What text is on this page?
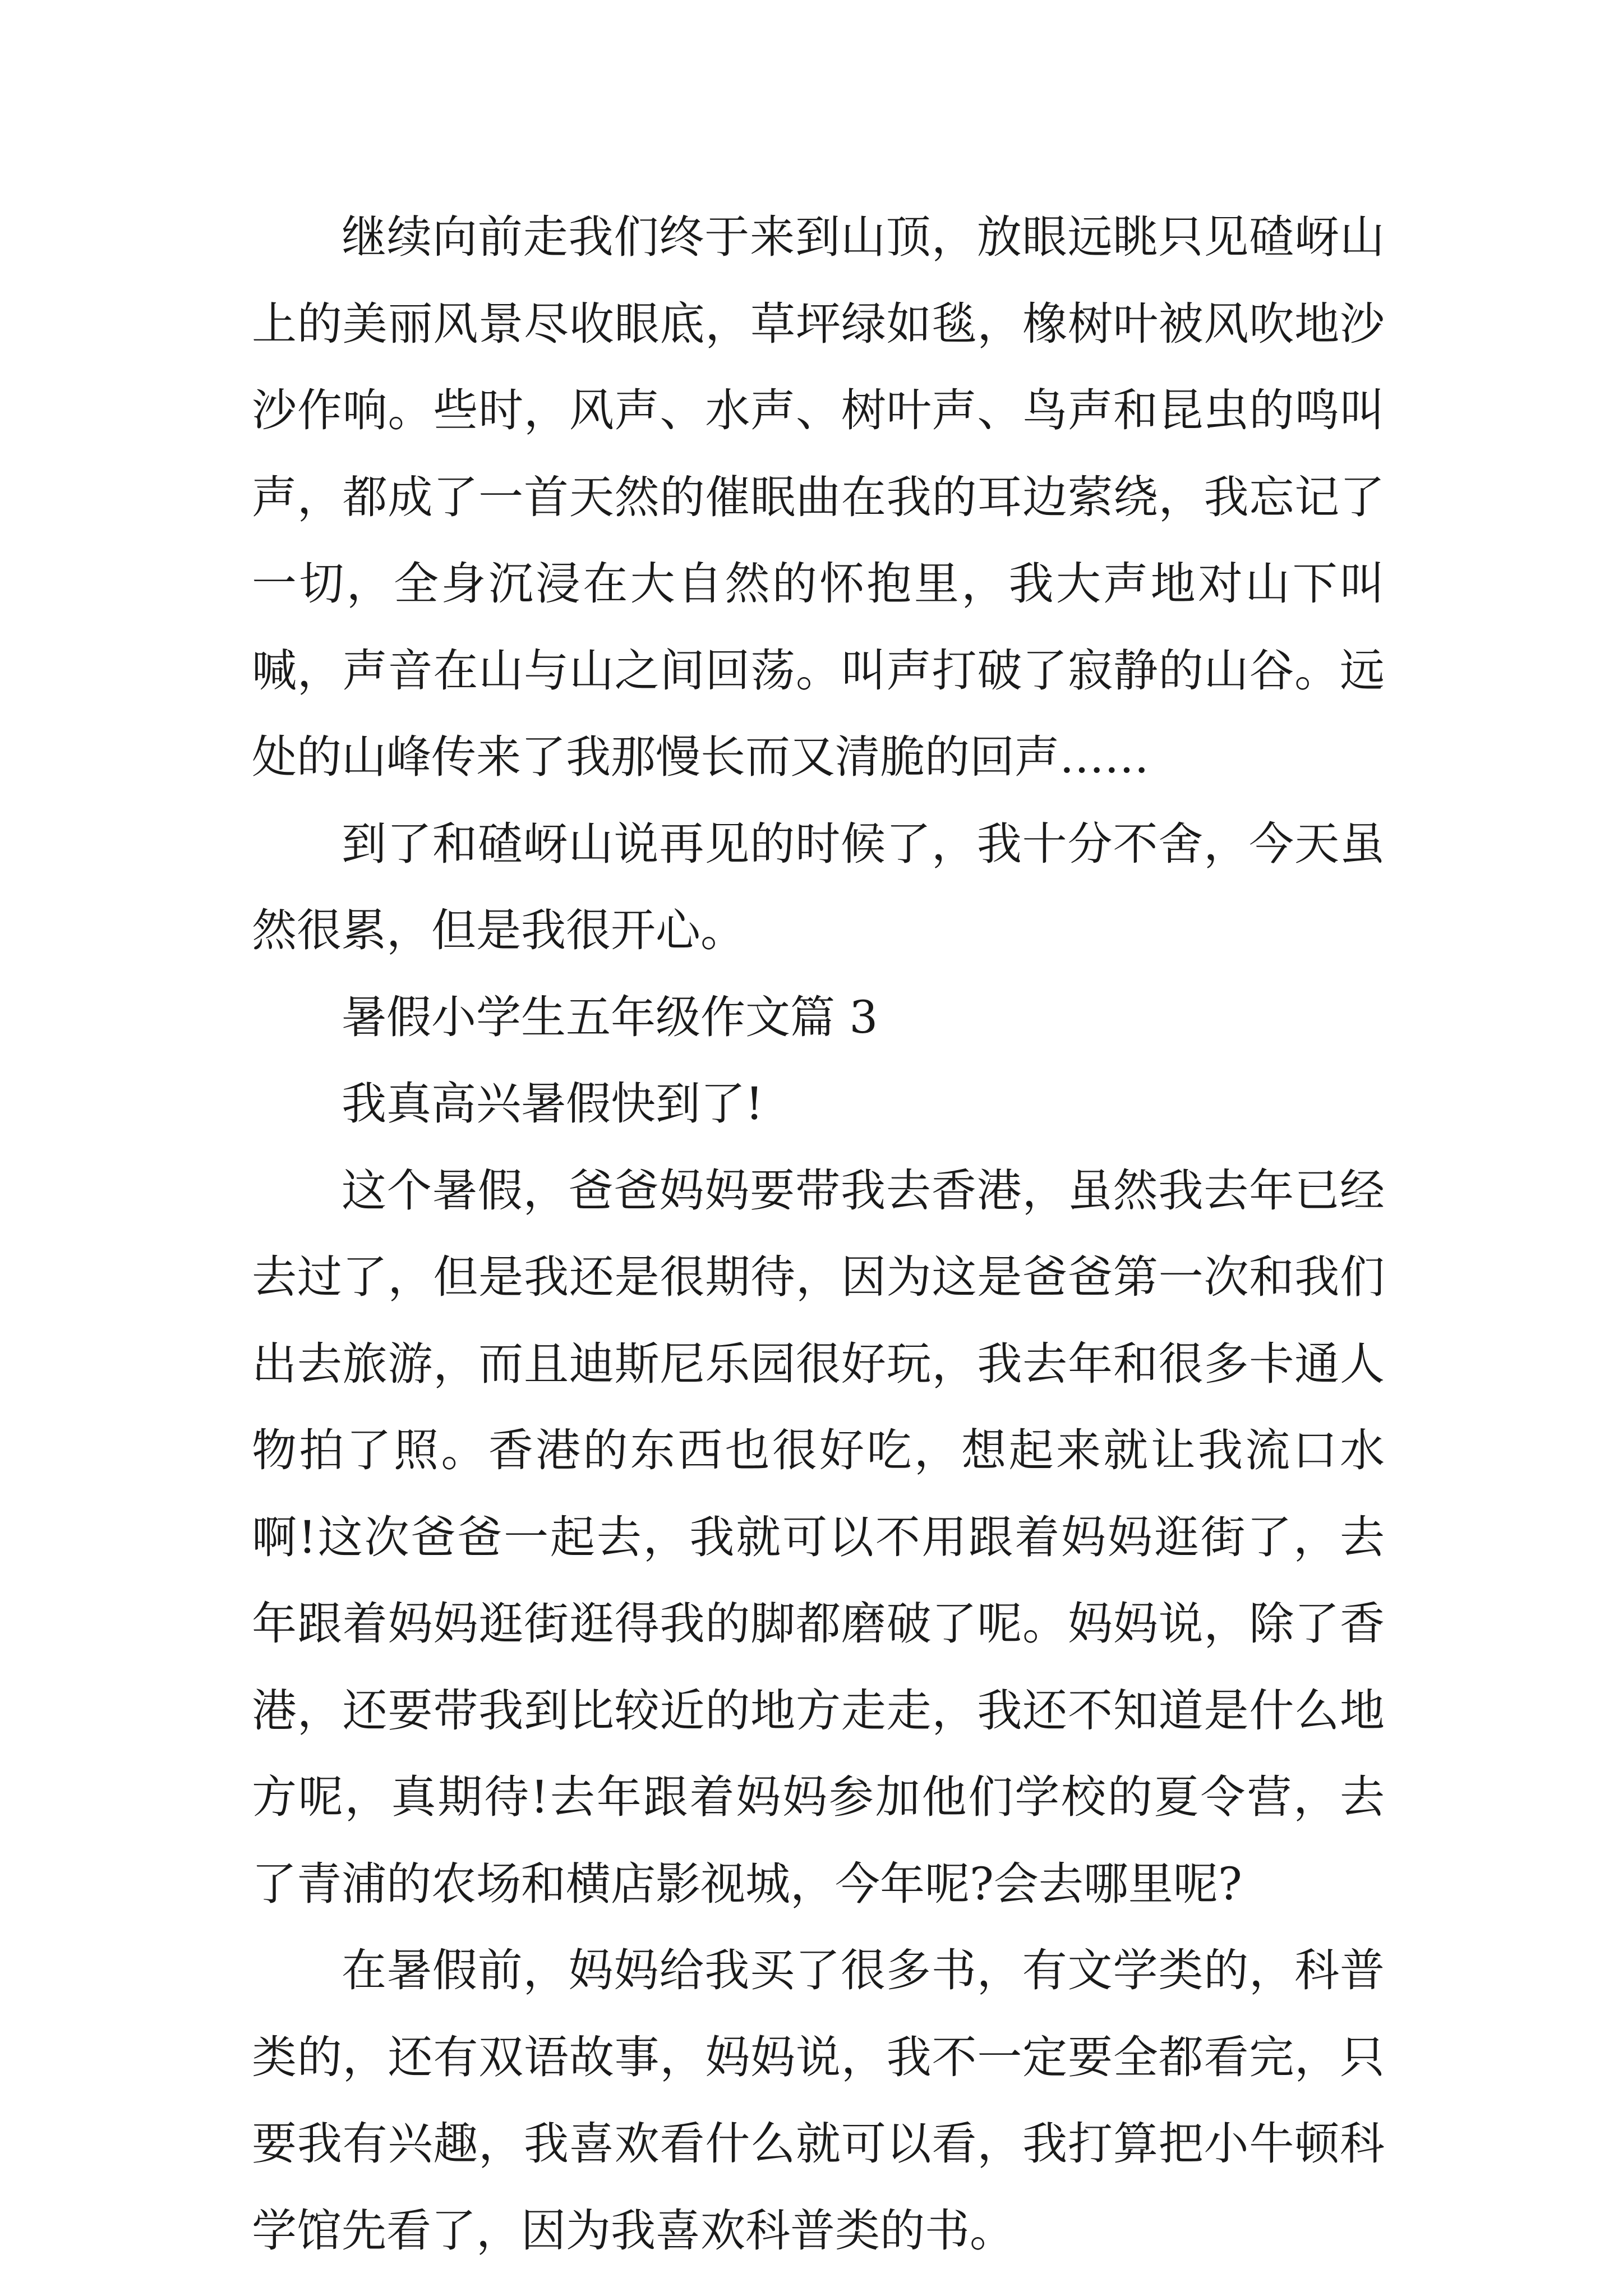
继续向前走我们终于来到山顶，放眼远眺只见碴岈山上的美丽风景尽收眼底，草坪绿如毯，橡树叶被风吹地沙沙作响。些时，风声、水声、树叶声、鸟声和昆虫的鸣叫声，都成了一首天然的催眠曲在我的耳边萦绕，我忘记了一切，全身沉浸在大自然的怀抱里，我大声地对山下叫喊，声音在山与山之间回荡。叫声打破了寂静的山谷。远处的山峰传来了我那慢长而又清脆的回声……

到了和碴岈山说再见的时候了，我十分不舍，今天虽然很累，但是我很开心。

暑假小学生五年级作文篇 3

我真高兴暑假快到了!

这个暑假，爸爸妈妈要带我去香港，虽然我去年已经去过了，但是我还是很期待，因为这是爸爸第一次和我们出去旅游，而且迪斯尼乐园很好玩，我去年和很多卡通人物拍了照。香港的东西也很好吃，想起来就让我流口水啊!这次爸爸一起去，我就可以不用跟着妈妈逛街了，去年跟着妈妈逛街逛得我的脚都磨破了呢。妈妈说，除了香港，还要带我到比较近的地方走走，我还不知道是什么地方呢，真期待!去年跟着妈妈参加他们学校的夏令营，去了青浦的农场和横店影视城，今年呢?会去哪里呢?

在暑假前，妈妈给我买了很多书，有文学类的，科普类的，还有双语故事，妈妈说，我不一定要全都看完，只要我有兴趣，我喜欢看什么就可以看，我打算把小牛顿科学馆先看了，因为我喜欢科普类的书。
